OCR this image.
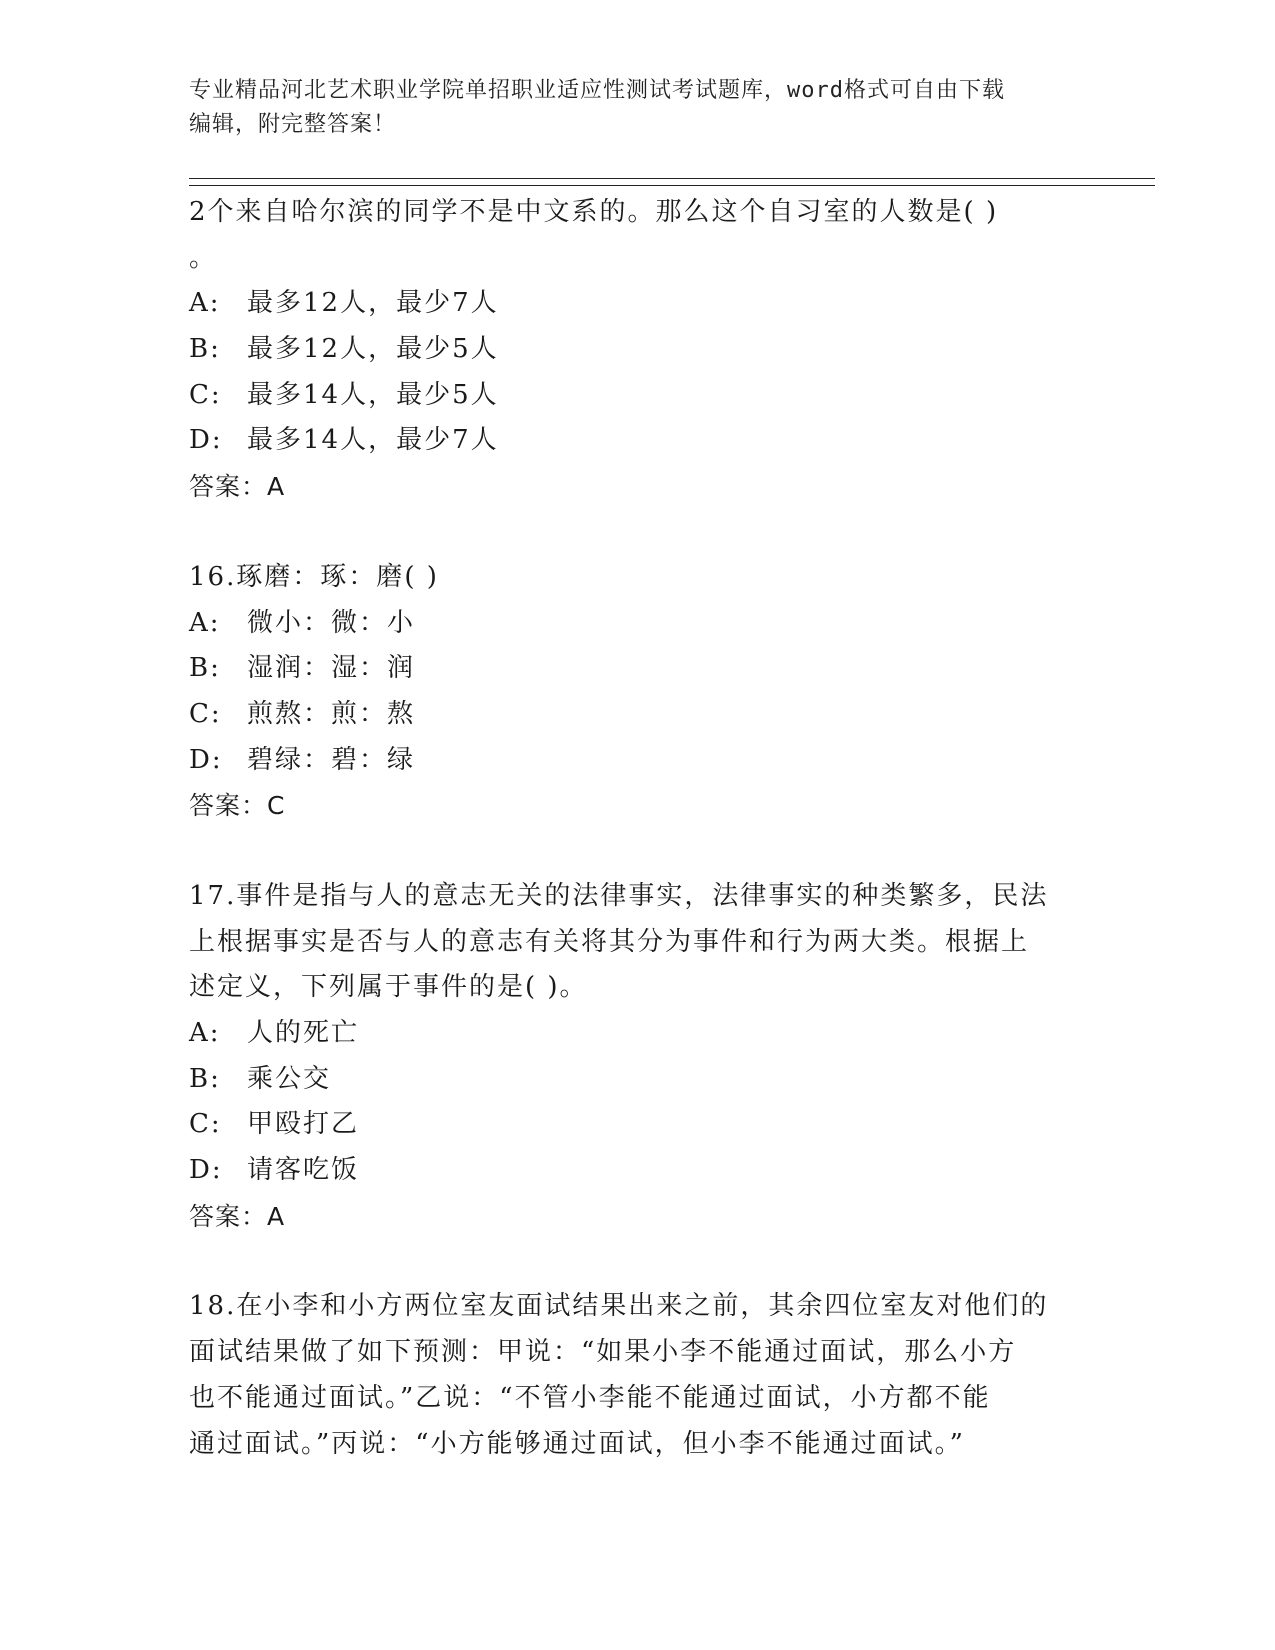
专业精品河北艺术职业学院单招职业适应性测试考试题库，word格式可自由下载
编辑，附完整答案！
2个来自哈尔滨的同学不是中文系的。那么这个自习室的人数是( )
。
A: 最多12人，最少7人
B: 最多12人，最少5人
C: 最多14人，最少5人
D: 最多14人，最少7人
答案：A
16.琢磨：琢：磨( )
A: 微小：微：小
B: 湿润：湿：润
C: 煎熬：煎：熬
D: 碧绿：碧：绿
答案：C
17.事件是指与人的意志无关的法律事实，法律事实的种类繁多，民法
上根据事实是否与人的意志有关将其分为事件和行为两大类。根据上
述定义，下列属于事件的是( )。
A: 人的死亡
B: 乘公交
C: 甲殴打乙
D: 请客吃饭
答案：A
18.在小李和小方两位室友面试结果出来之前，其余四位室友对他们的
面试结果做了如下预测：甲说：“如果小李不能通过面试，那么小方
也不能通过面试。”乙说：“不管小李能不能通过面试，小方都不能
通过面试。”丙说：“小方能够通过面试，但小李不能通过面试。”
